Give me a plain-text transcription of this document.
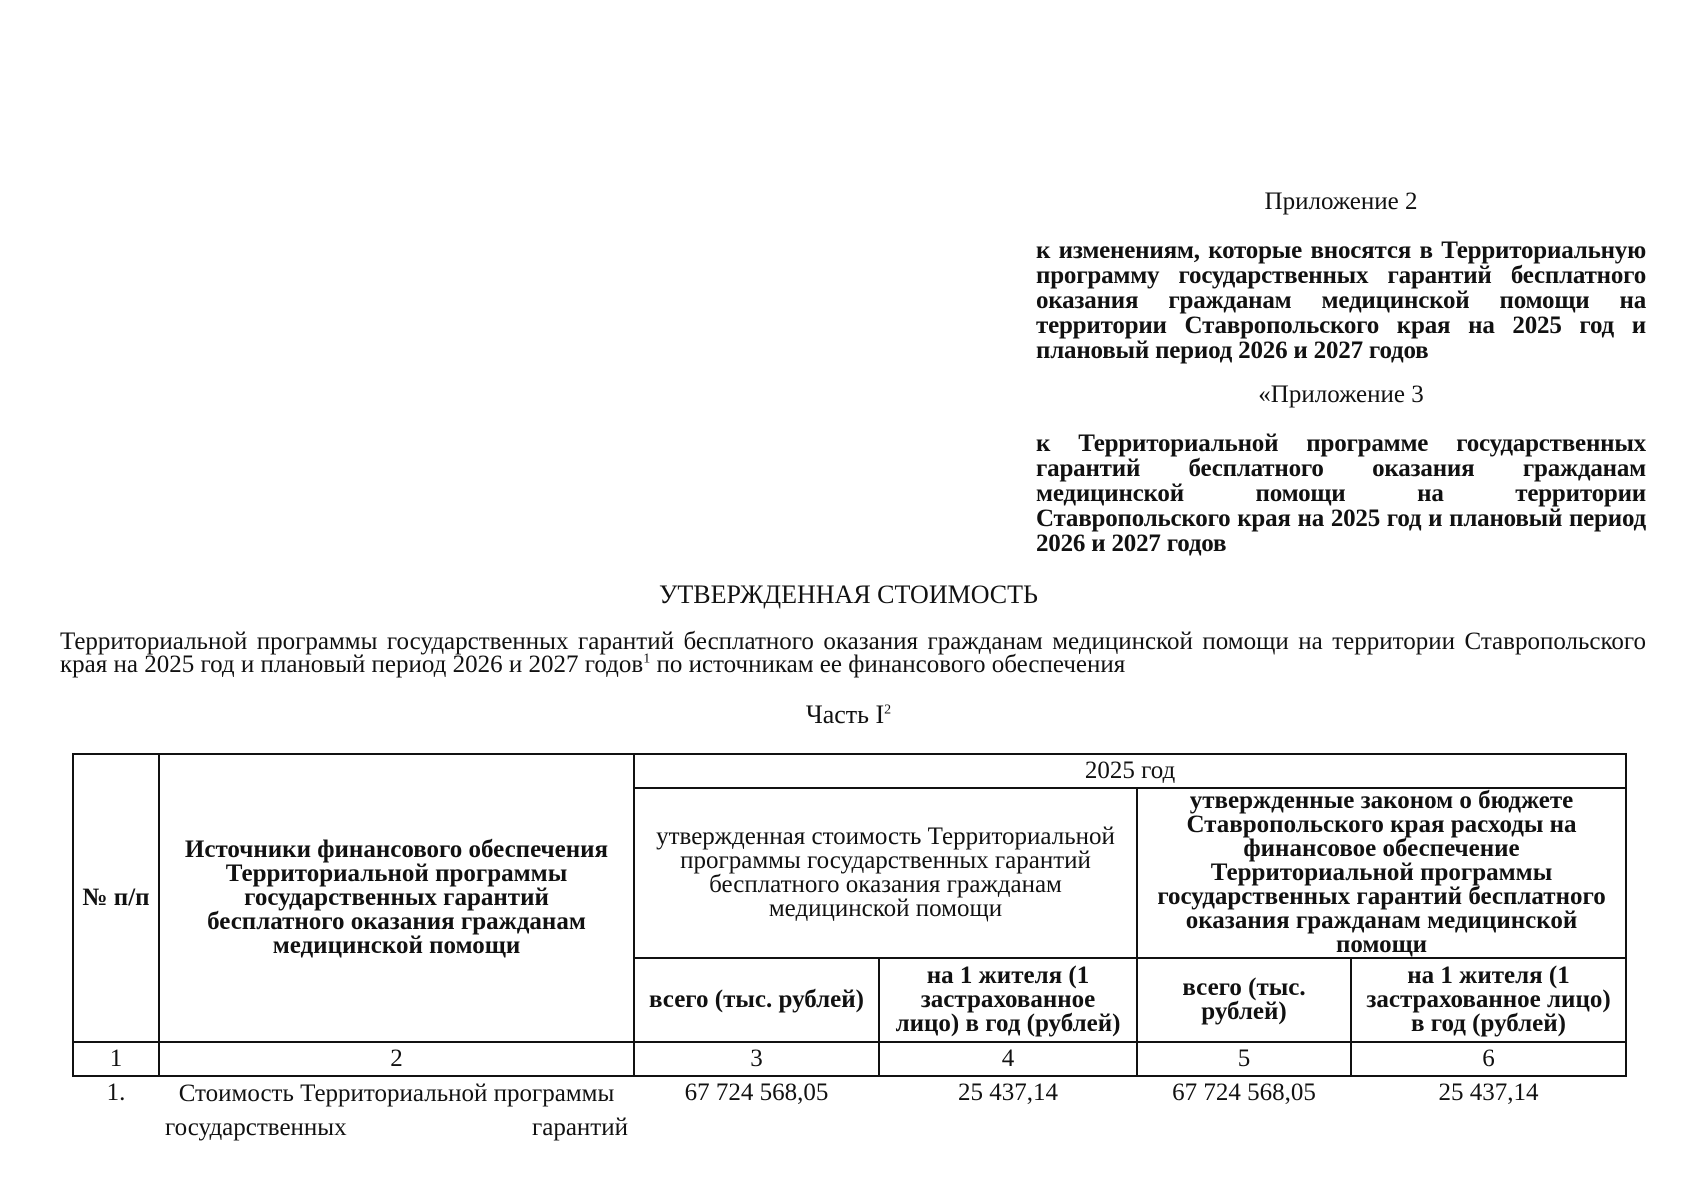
Приложение 2

к изменениям, которые вносятся в Территориальную программу государственных гарантий бесплатного оказания гражданам медицинской помощи на территории Ставропольского края на 2025 год и плановый период 2026 и 2027 годов

«Приложение 3

к Территориальной программе государственных гарантий бесплатного оказания гражданам медицинской помощи на территории Ставропольского края на 2025 год и плановый период 2026 и 2027 годов

УТВЕРЖДЕННАЯ СТОИМОСТЬ

Территориальной программы государственных гарантий бесплатного оказания гражданам медицинской помощи на территории Ставропольского края на 2025 год и плановый период 2026 и 2027 годов$^1$ по источникам ее финансового обеспечения

Часть $I^2$

№ п/п	Источники финансового обеспечения Территориальной программы государственных гарантий бесплатного оказания гражданам медицинской помощи	2025 год			
		утвержденная стоимость Территориальной программы государственных гарантий бесплатного оказания гражданам медицинской помощи		утвержденные законом о бюджете Ставропольского края расходы на финансовое обеспечение Территориальной программы государственных гарантий бесплатного оказания гражданам медицинской помощи	
		всего (тыс. рублей)	на 1 жителя (1 застрахованное лицо) в год (рублей)	всего (тыс. рублей)	на 1 жителя (1 застрахованное лицо) в год (рублей)
1	2	3	4	5	6
1.	Стоимость Территориальной программы государственных гарантий	67 724 568,05	25 437,14	67 724 568,05	25 437,14
